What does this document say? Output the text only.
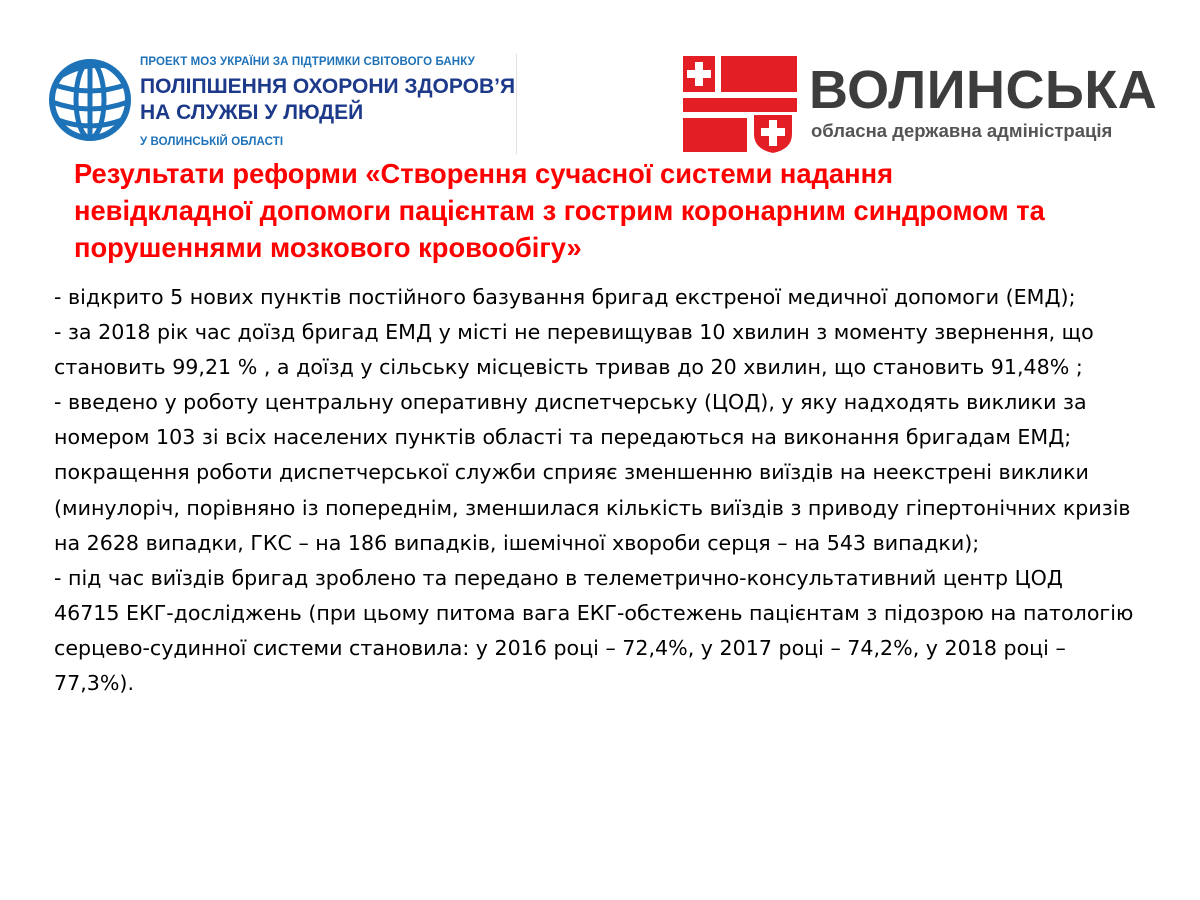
ПРОЕКТ МОЗ УКРАЇНИ ЗА ПІДТРИМКИ СВІТОВОГО БАНКУ
ПОЛІПШЕННЯ ОХОРОНИ ЗДОРОВ’Я
НА СЛУЖБІ У ЛЮДЕЙ
У ВОЛИНСЬКІЙ ОБЛАСТІ
ВОЛИНСЬКА
обласна державна адміністрація
Результати реформи «Створення сучасної системи надання невідкладної допомоги пацієнтам з гострим коронарним синдромом та порушеннями мозкового кровообігу»

- відкрито 5 нових пунктів постійного базування бригад екстреної медичної допомоги (ЕМД);

- за 2018 рік час доїзд бригад ЕМД у місті не перевищував 10 хвилин з моменту звернення, що становить 99,21 % , а доїзд у сільську місцевість тривав до 20 хвилин, що становить 91,48% ;

- введено у роботу центральну оперативну диспетчерську (ЦОД), у яку надходять виклики за номером 103 зі всіх населених пунктів області та передаються на виконання бригадам ЕМД; покращення роботи диспетчерської служби сприяє зменшенню виїздів на неекстрені виклики (минулоріч, порівняно із попереднім, зменшилася кількість виїздів з приводу гіпертонічних кризів на 2628 випадки, ГКС – на 186 випадків, ішемічної хвороби серця – на 543 випадки);

- під час виїздів бригад зроблено та передано в телеметрично-консультативний центр ЦОД 46715 ЕКГ-досліджень (при цьому питома вага ЕКГ-обстежень пацієнтам з підозрою на патологію серцево-судинної системи становила: у 2016 році – 72,4%, у 2017 році – 74,2%, у 2018 році – 77,3%).
